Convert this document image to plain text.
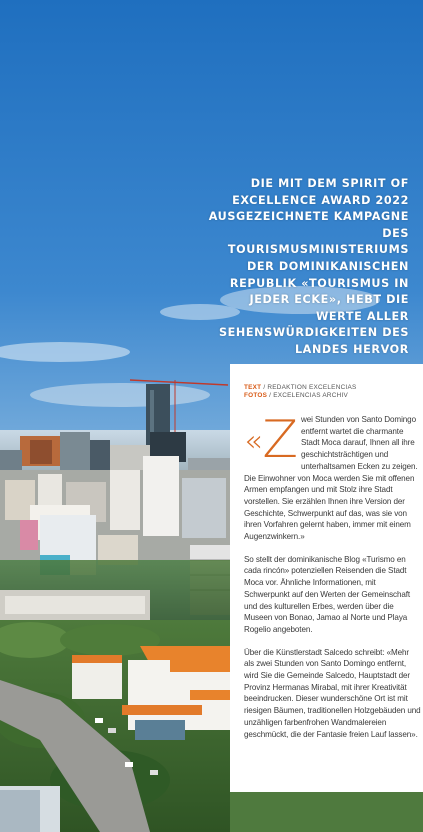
DIE MIT DEM SPIRIT OF EXCELLENCE AWARD 2022 AUSGEZEICHNETE KAMPAGNE DES TOURISMUSMINISTERIUMS DER DOMINIKANISCHEN REPUBLIK «TOURISMUS IN JEDER ECKE», HEBT DIE WERTE ALLER SEHENSWÜRDIGKEITEN DES LANDES HERVOR
TEXT / REDAKTION EXCELENCIAS
FOTOS / EXCELENCIAS ARCHIV

«Z wei Stunden von Santo Domingo entfernt wartet die charmante Stadt Moca darauf, Ihnen all ihre geschichtsträchtigen und unterhaltsamen Ecken zu zeigen. Die Einwohner von Moca werden Sie mit offenen Armen empfangen und mit Stolz ihre Stadt vorstellen. Sie erzählen Ihnen ihre Version der Geschichte, Schwerpunkt auf das, was sie von ihren Vorfahren gelernt haben, immer mit einem Augenzwinkern.»

So stellt der dominikanische Blog «Turismo en cada rincón» potenziellen Reisenden die Stadt Moca vor. Ähnliche Informationen, mit Schwerpunkt auf den Werten der Gemeinschaft und des kulturellen Erbes, werden über die Museen von Bonao, Jamao al Norte und Playa Rogelio angeboten.

Über die Künstlerstadt Salcedo schreibt: «Mehr als zwei Stunden von Santo Domingo entfernt, wird Sie die Gemeinde Salcedo, Hauptstadt der Provinz Hermanas Mirabal, mit ihrer Kreativität beeindrucken. Dieser wunderschöne Ort ist mit riesigen Bäumen, traditionellen Holzgebäuden und unzähligen farbenfrohen Wandmalereien geschmückt, die der Fantasie freien Lauf lassen».
